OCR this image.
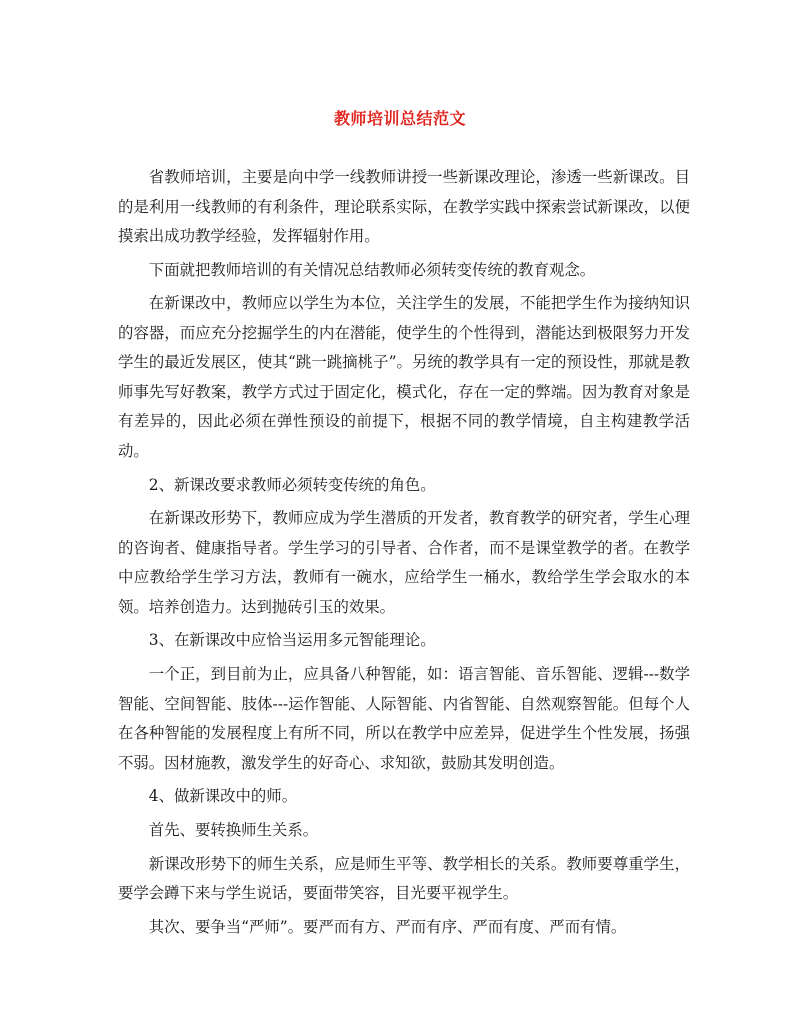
教师培训总结范文

省教师培训，主要是向中学一线教师讲授一些新课改理论，渗透一些新课改。目的是利用一线教师的有利条件，理论联系实际，在教学实践中探索尝试新课改，以便摸索出成功教学经验，发挥辐射作用。

下面就把教师培训的有关情况总结教师必须转变传统的教育观念。

在新课改中，教师应以学生为本位，关注学生的发展，不能把学生作为接纳知识的容器，而应充分挖掘学生的内在潜能，使学生的个性得到，潜能达到极限努力开发学生的最近发展区，使其“跳一跳摘桃子”。另统的教学具有一定的预设性，那就是教师事先写好教案，教学方式过于固定化，模式化，存在一定的弊端。因为教育对象是有差异的，因此必须在弹性预设的前提下，根据不同的教学情境，自主构建教学活动。

2、新课改要求教师必须转变传统的角色。

在新课改形势下，教师应成为学生潜质的开发者，教育教学的研究者，学生心理的咨询者、健康指导者。学生学习的引导者、合作者，而不是课堂教学的者。在教学中应教给学生学习方法，教师有一碗水，应给学生一桶水，教给学生学会取水的本领。培养创造力。达到抛砖引玉的效果。

3、在新课改中应恰当运用多元智能理论。

一个正，到目前为止，应具备八种智能，如：语言智能、音乐智能、逻辑---数学智能、空间智能、肢体---运作智能、人际智能、内省智能、自然观察智能。但每个人在各种智能的发展程度上有所不同，所以在教学中应差异，促进学生个性发展，扬强不弱。因材施教，激发学生的好奇心、求知欲，鼓励其发明创造。

4、做新课改中的师。

首先、要转换师生关系。

新课改形势下的师生关系，应是师生平等、教学相长的关系。教师要尊重学生，要学会蹲下来与学生说话，要面带笑容，目光要平视学生。

其次、要争当“严师”。要严而有方、严而有序、严而有度、严而有情。
